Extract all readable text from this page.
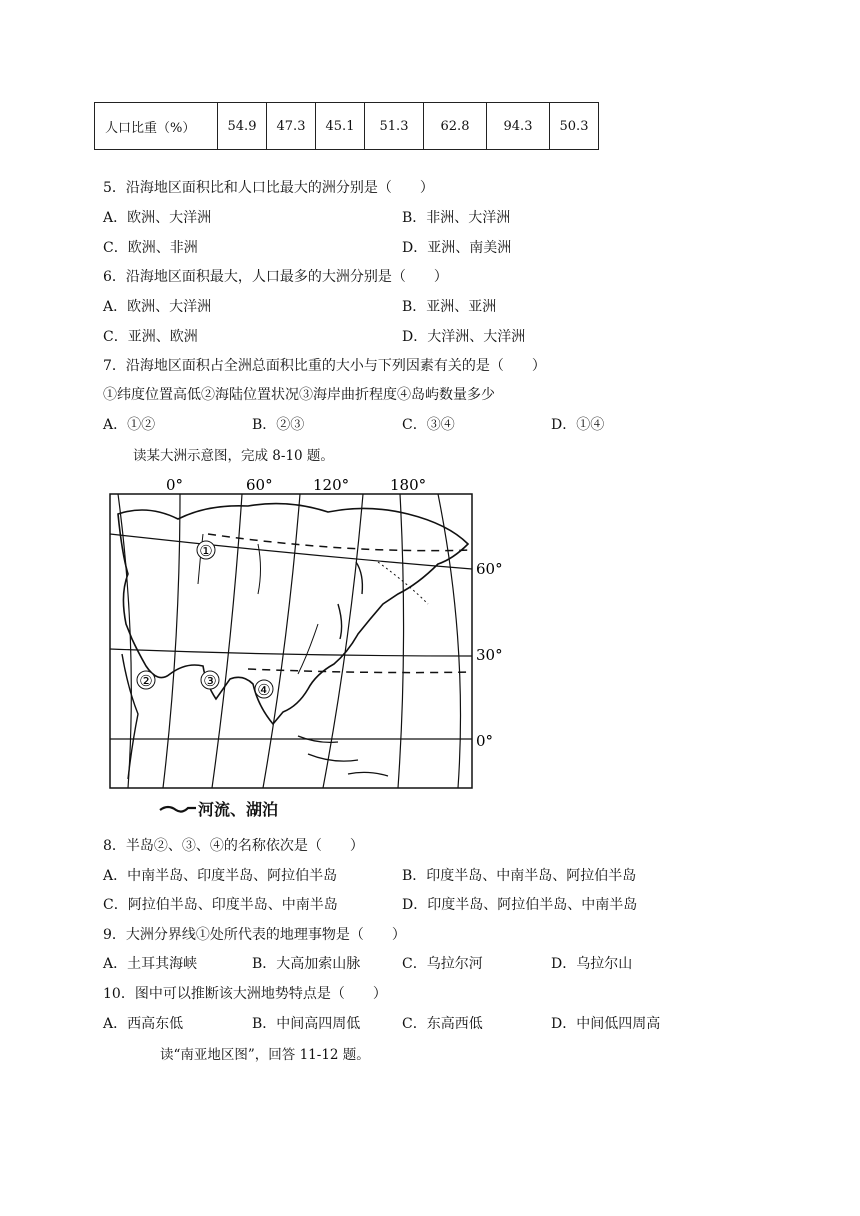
人口比重（%）	54.9	47.3	45.1	51.3	62.8	94.3	50.3
5．沿海地区面积比和人口比最大的洲分别是（　　）
A．欧洲、大洋洲	B．非洲、大洋洲
C．欧洲、非洲	D．亚洲、南美洲
6．沿海地区面积最大，人口最多的大洲分别是（　　）
A．欧洲、大洋洲	B．亚洲、亚洲
C．亚洲、欧洲	D．大洋洲、大洋洲
7．沿海地区面积占全洲总面积比重的大小与下列因素有关的是（　　）
①纬度位置高低②海陆位置状况③海岸曲折程度④岛屿数量多少
A．①②	B．②③	C．③④	D．①④
读某大洲示意图，完成 8-10 题。
①
②	③	④
0°	60°	120°	180°
60°
30°
0°
河流、湖泊
8．半岛②、③、④的名称依次是（　　）
A．中南半岛、印度半岛、阿拉伯半岛	B．印度半岛、中南半岛、阿拉伯半岛
C．阿拉伯半岛、印度半岛、中南半岛	D．印度半岛、阿拉伯半岛、中南半岛
9．大洲分界线①处所代表的地理事物是（　　）
A．土耳其海峡	B．大高加索山脉	C．乌拉尔河	D．乌拉尔山
10．图中可以推断该大洲地势特点是（　　）
A．西高东低	B．中间高四周低	C．东高西低	D．中间低四周高
读“南亚地区图”，回答 11-12 题。
